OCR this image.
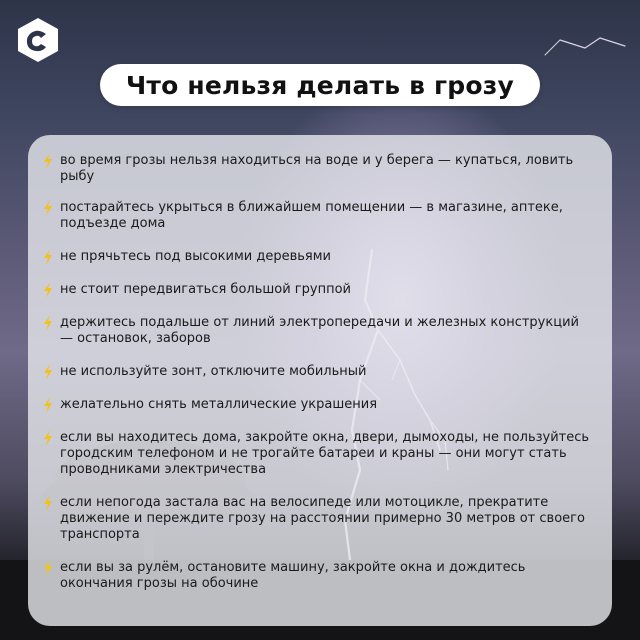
Что нельзя делать в грозу
во время грозы нельзя находиться на воде и у берега — купаться, ловить рыбу
постарайтесь укрыться в ближайшем помещении — в магазине, аптеке, подъезде дома
не прячьтесь под высокими деревьями
не стоит передвигаться большой группой
держитесь подальше от линий электропередачи и железных конструкций — остановок, заборов
не используйте зонт, отключите мобильный
желательно снять металлические украшения
если вы находитесь дома, закройте окна, двери, дымоходы, не пользуйтесь городским телефоном и не трогайте батареи и краны — они могут стать проводниками электричества
если непогода застала вас на велосипеде или мотоцикле, прекратите движение и переждите грозу на расстоянии примерно 30 метров от своего транспорта
если вы за рулём, остановите машину, закройте окна и дождитесь окончания грозы на обочине
